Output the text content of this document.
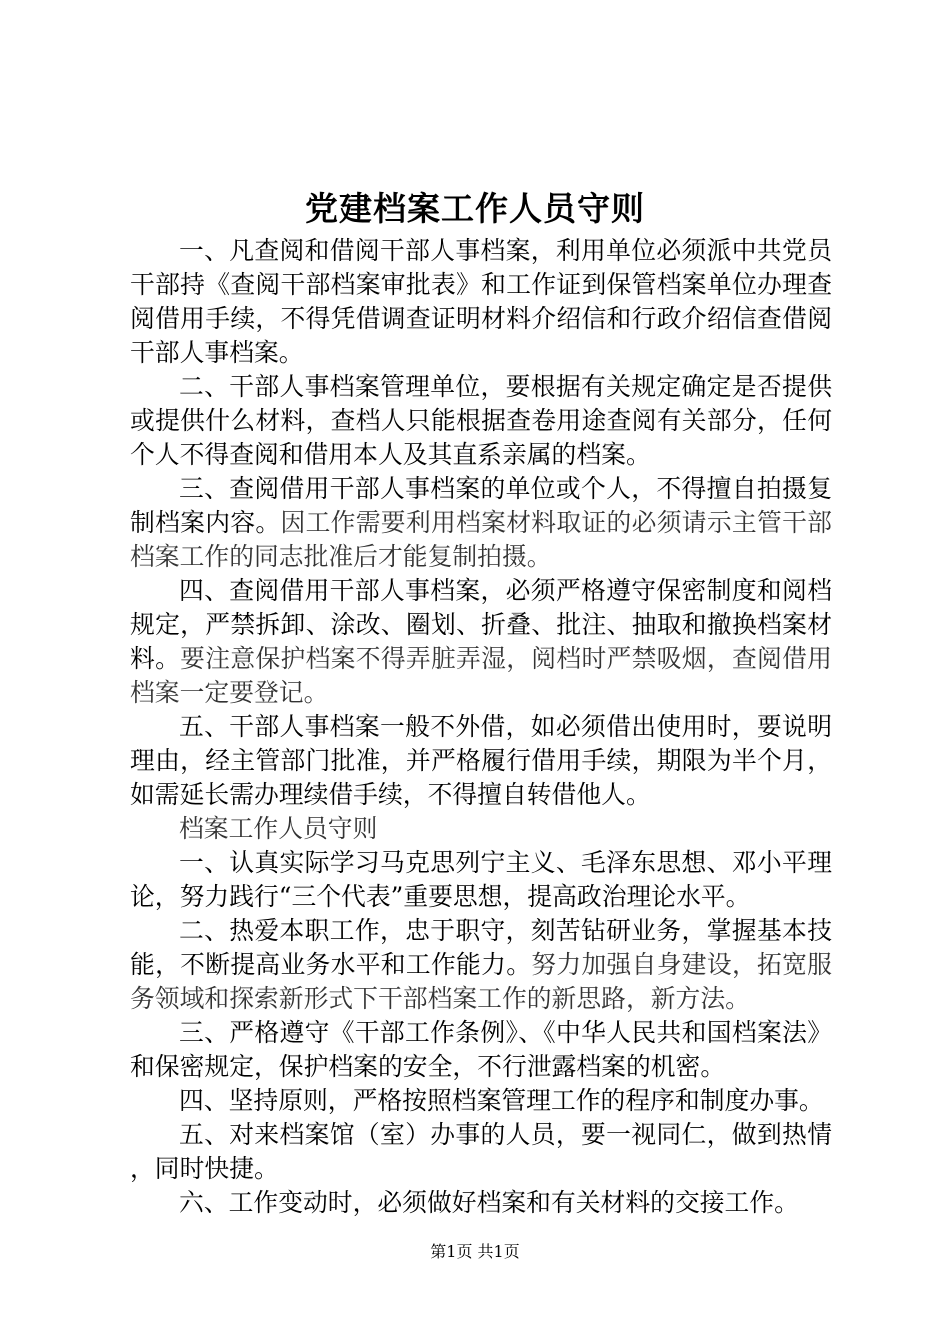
党建档案工作人员守则

一、凡查阅和借阅干部人事档案，利用单位必须派中共党员干部持《查阅干部档案审批表》和工作证到保管档案单位办理查阅借用手续，不得凭借调查证明材料介绍信和行政介绍信查借阅干部人事档案。

二、干部人事档案管理单位，要根据有关规定确定是否提供或提供什么材料，查档人只能根据查卷用途查阅有关部分，任何个人不得查阅和借用本人及其直系亲属的档案。

三、查阅借用干部人事档案的单位或个人，不得擅自拍摄复制档案内容。因工作需要利用档案材料取证的必须请示主管干部档案工作的同志批准后才能复制拍摄。

四、查阅借用干部人事档案，必须严格遵守保密制度和阅档规定，严禁拆卸、涂改、圈划、折叠、批注、抽取和撤换档案材料。要注意保护档案不得弄脏弄湿，阅档时严禁吸烟，查阅借用档案一定要登记。

五、干部人事档案一般不外借，如必须借出使用时，要说明理由，经主管部门批准，并严格履行借用手续，期限为半个月，如需延长需办理续借手续，不得擅自转借他人。

档案工作人员守则

一、认真实际学习马克思列宁主义、毛泽东思想、邓小平理论，努力践行“三个代表”重要思想，提高政治理论水平。

二、热爱本职工作，忠于职守，刻苦钻研业务，掌握基本技能，不断提高业务水平和工作能力。努力加强自身建设，拓宽服务领域和探索新形式下干部档案工作的新思路，新方法。

三、严格遵守《干部工作条例》、《中华人民共和国档案法》和保密规定，保护档案的安全，不行泄露档案的机密。

四、坚持原则，严格按照档案管理工作的程序和制度办事。

五、对来档案馆（室）办事的人员，要一视同仁，做到热情，同时快捷。

六、工作变动时，必须做好档案和有关材料的交接工作。

第1页 共1页
